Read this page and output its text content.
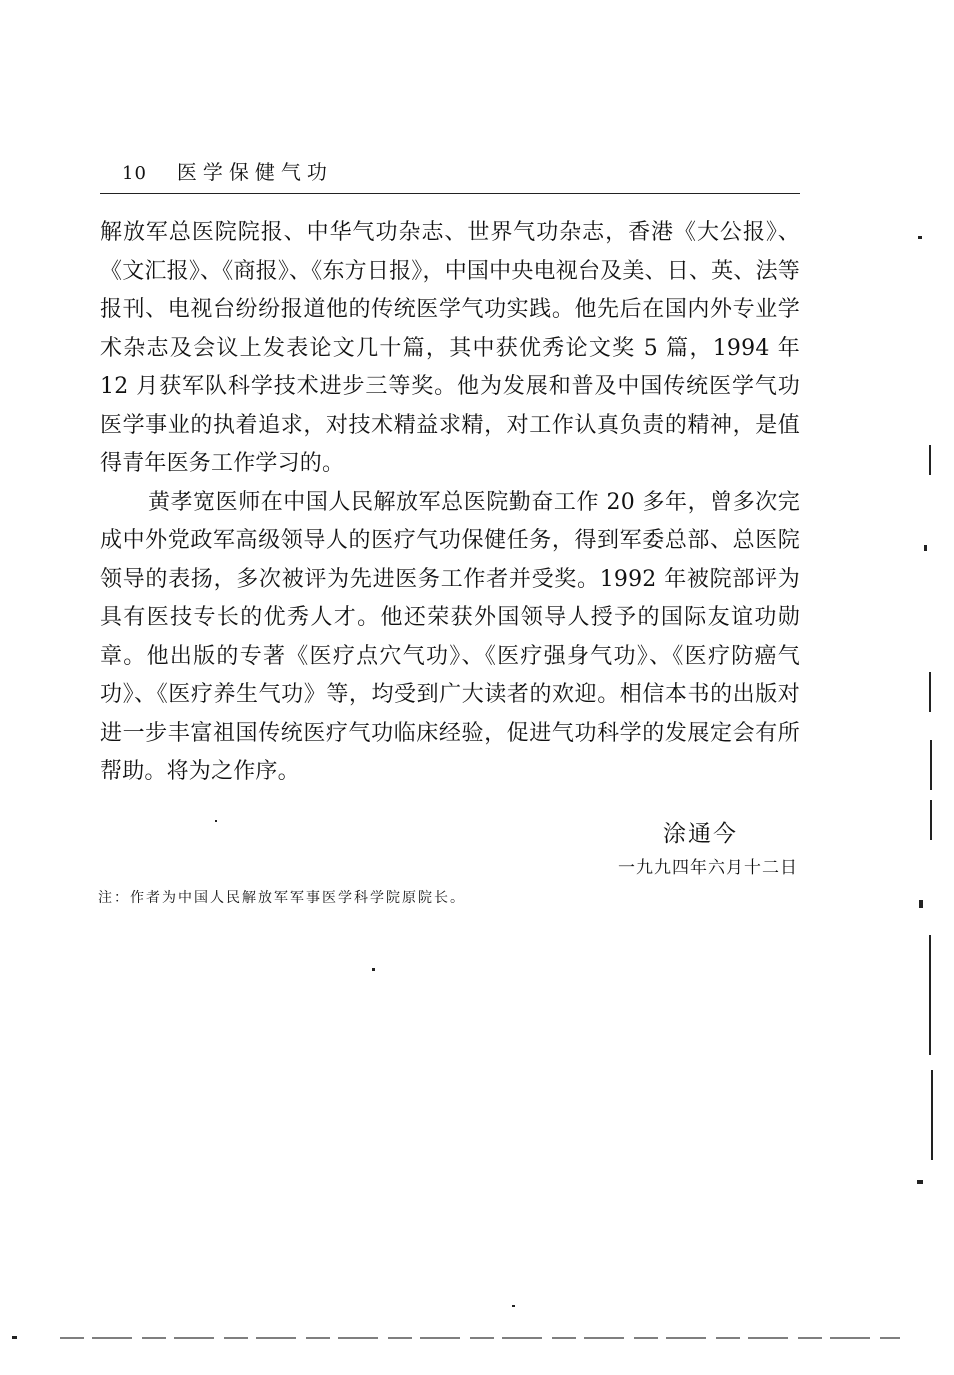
10 医学保健气功

解放军总医院院报、中华气功杂志、世界气功杂志，香港《大公报》、《文汇报》、《商报》、《东方日报》，中国中央电视台及美、日、英、法等报刊、电视台纷纷报道他的传统医学气功实践。他先后在国内外专业学术杂志及会议上发表论文几十篇，其中获优秀论文奖 5 篇，1994 年 12 月获军队科学技术进步三等奖。他为发展和普及中国传统医学气功医学事业的执着追求，对技术精益求精，对工作认真负责的精神，是值得青年医务工作学习的。

黄孝宽医师在中国人民解放军总医院勤奋工作 20 多年，曾多次完成中外党政军高级领导人的医疗气功保健任务，得到军委总部、总医院领导的表扬，多次被评为先进医务工作者并受奖。1992 年被院部评为具有医技专长的优秀人才。他还荣获外国领导人授予的国际友谊功勋章。他出版的专著《医疗点穴气功》、《医疗强身气功》、《医疗防癌气功》、《医疗养生气功》等，均受到广大读者的欢迎。相信本书的出版对进一步丰富祖国传统医疗气功临床经验，促进气功科学的发展定会有所帮助。将为之作序。

涂通今
一九九四年六月十二日
注：作者为中国人民解放军军事医学科学院原院长。
